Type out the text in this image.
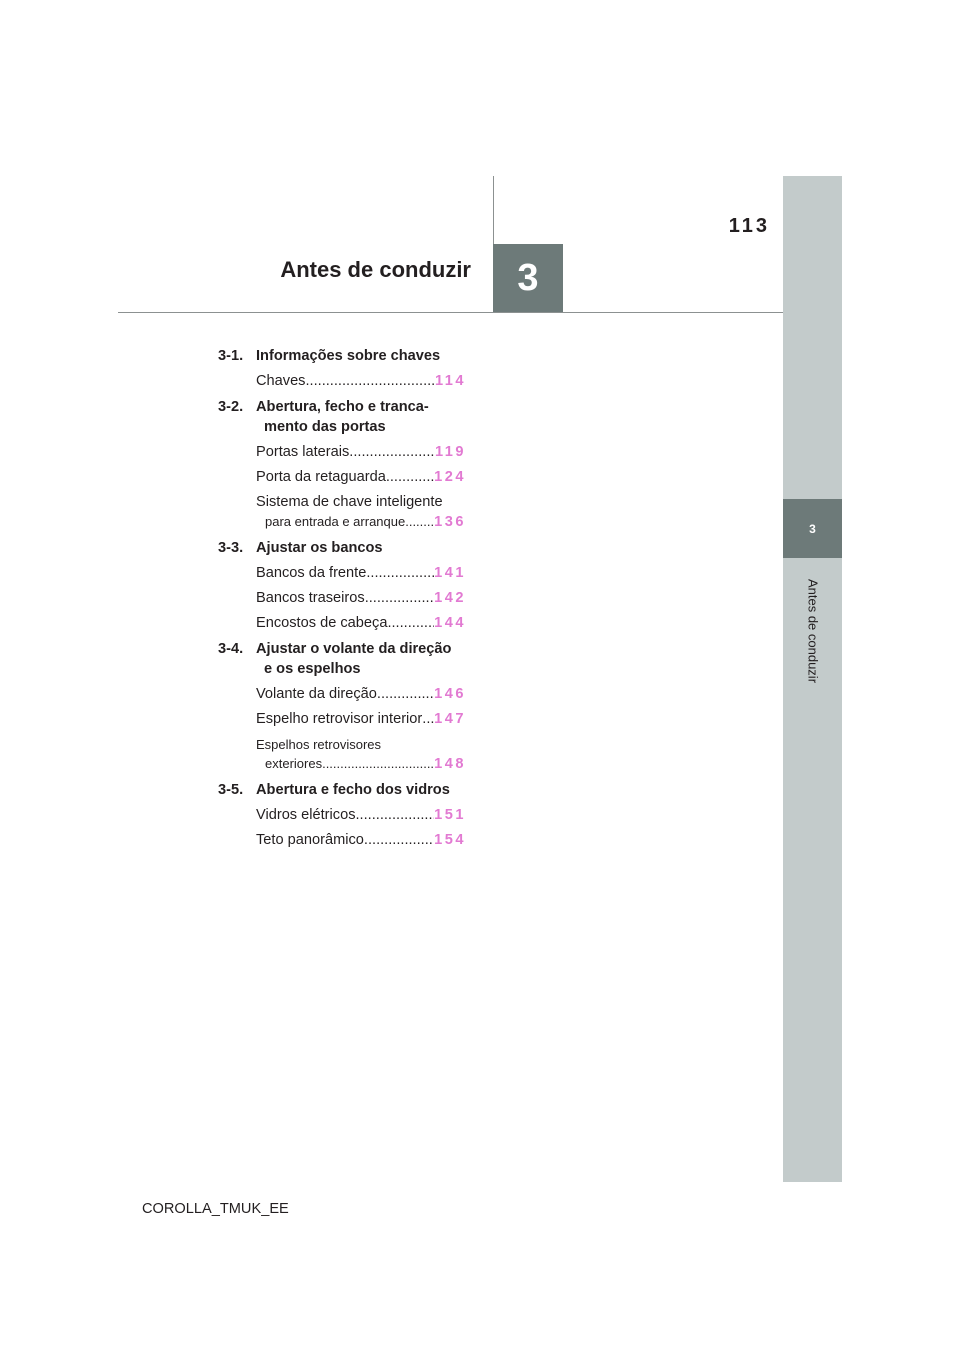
3
Antes de conduzir
113
3
Antes de conduzir
3-1. Informações sobre chaves
Chaves .....	114
3-2. Abertura, fecho e tranca-
mento das portas
Portas laterais .....	119
Porta da retaguarda .....	124
Sistema de chave inteligente
para entrada e arranque ..... 136
3-3. Ajustar os bancos
Bancos da frente .....	141
Bancos traseiros .....	142
Encostos de cabeça .....	144
3-4. Ajustar o volante da direção
e os espelhos
Volante da direção .....	146
Espelho retrovisor interior ..... 147
Espelhos retrovisores
exteriores .....	148
3-5. Abertura e fecho dos vidros
Vidros elétricos .....	151
Teto panorâmico .....	154
COROLLA_TMUK_EE
